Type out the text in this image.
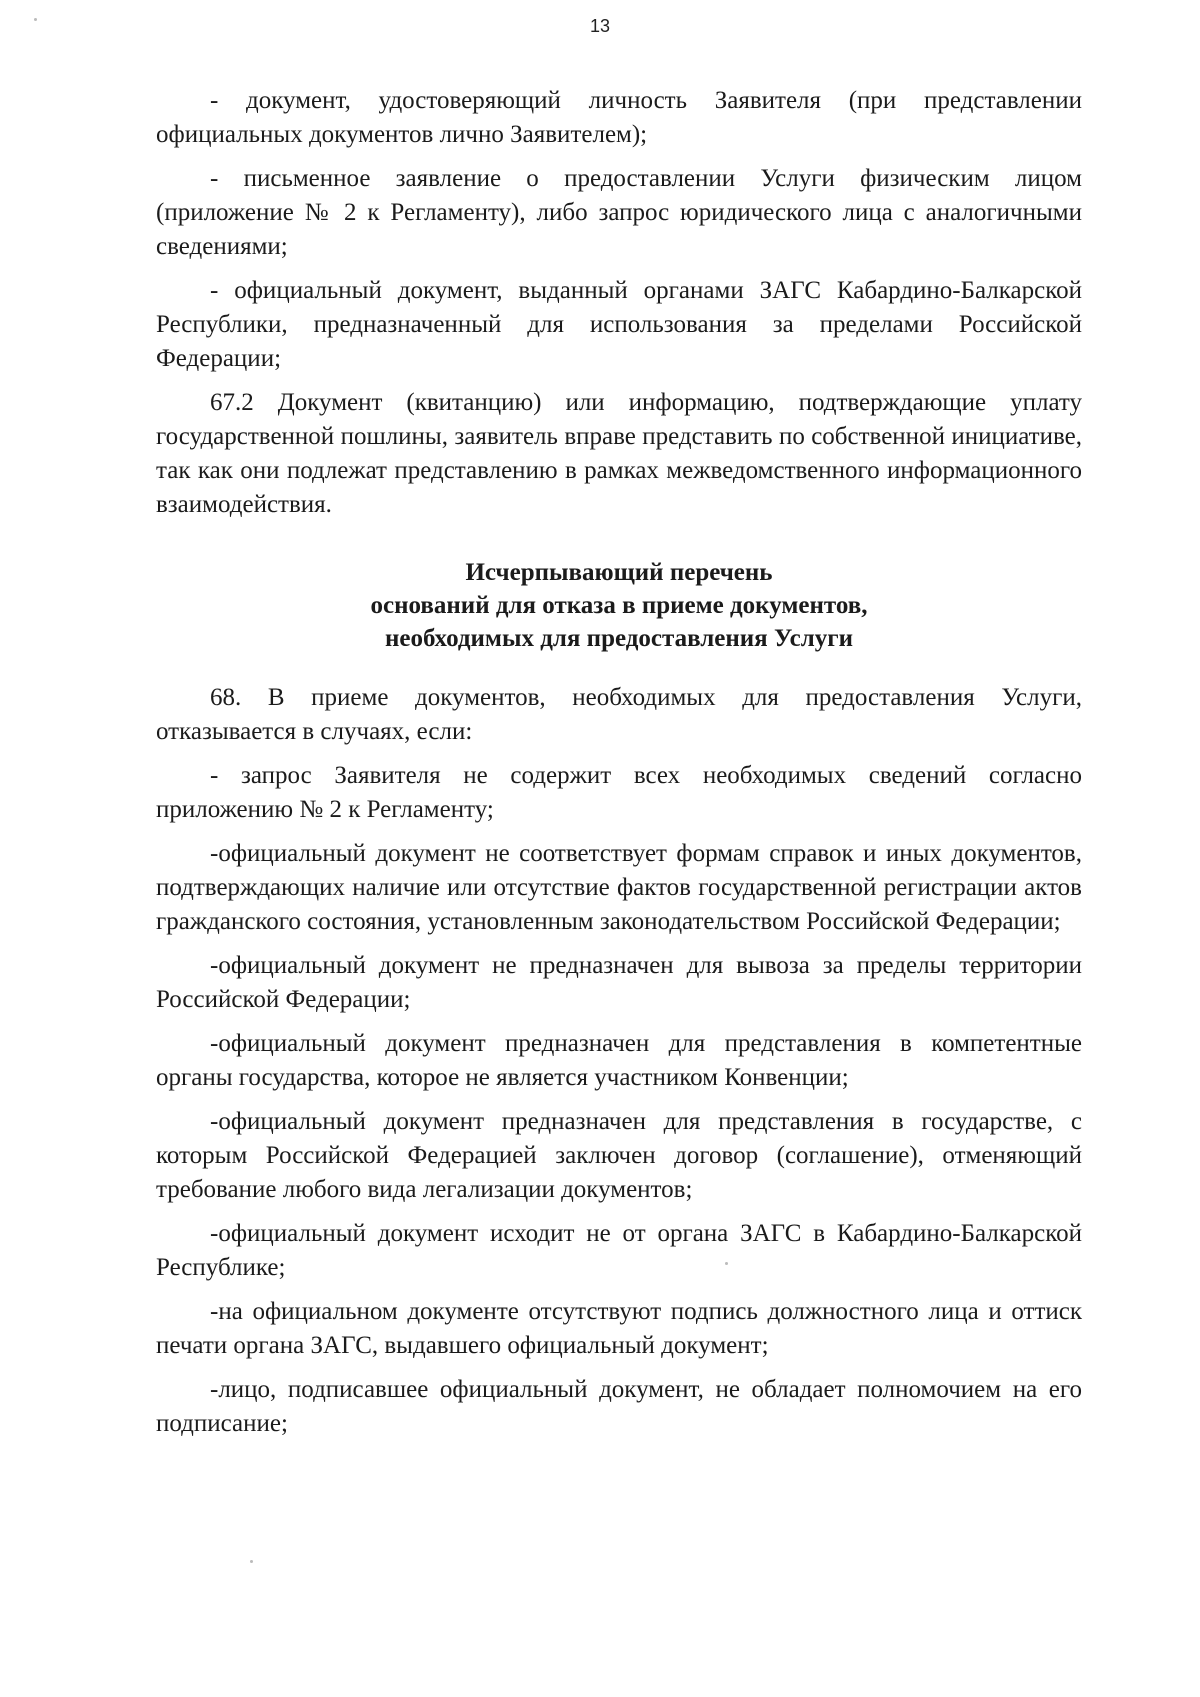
13

- документ, удостоверяющий личность Заявителя (при представлении официальных документов лично Заявителем);

- письменное заявление о предоставлении Услуги физическим лицом (приложение № 2 к Регламенту), либо запрос юридического лица с аналогичными сведениями;

- официальный документ, выданный органами ЗАГС Кабардино-Балкарской Республики, предназначенный для использования за пределами Российской Федерации;

67.2 Документ (квитанцию) или информацию, подтверждающие уплату государственной пошлины, заявитель вправе представить по собственной инициативе, так как они подлежат представлению в рамках межведомственного информационного взаимодействия.

Исчерпывающий перечень
оснований для отказа в приеме документов,
необходимых для предоставления Услуги

68. В приеме документов, необходимых для предоставления Услуги, отказывается в случаях, если:

- запрос Заявителя не содержит всех необходимых сведений согласно приложению № 2 к Регламенту;

-официальный документ не соответствует формам справок и иных документов, подтверждающих наличие или отсутствие фактов государственной регистрации актов гражданского состояния, установленным законодательством Российской Федерации;

-официальный документ не предназначен для вывоза за пределы территории Российской Федерации;

-официальный документ предназначен для представления в компетентные органы государства, которое не является участником Конвенции;

-официальный документ предназначен для представления в государстве, с которым Российской Федерацией заключен договор (соглашение), отменяющий требование любого вида легализации документов;

-официальный документ исходит не от органа ЗАГС в Кабардино-Балкарской Республике;

-на официальном документе отсутствуют подпись должностного лица и оттиск печати органа ЗАГС, выдавшего официальный документ;

-лицо, подписавшее официальный документ, не обладает полномочием на его подписание;
